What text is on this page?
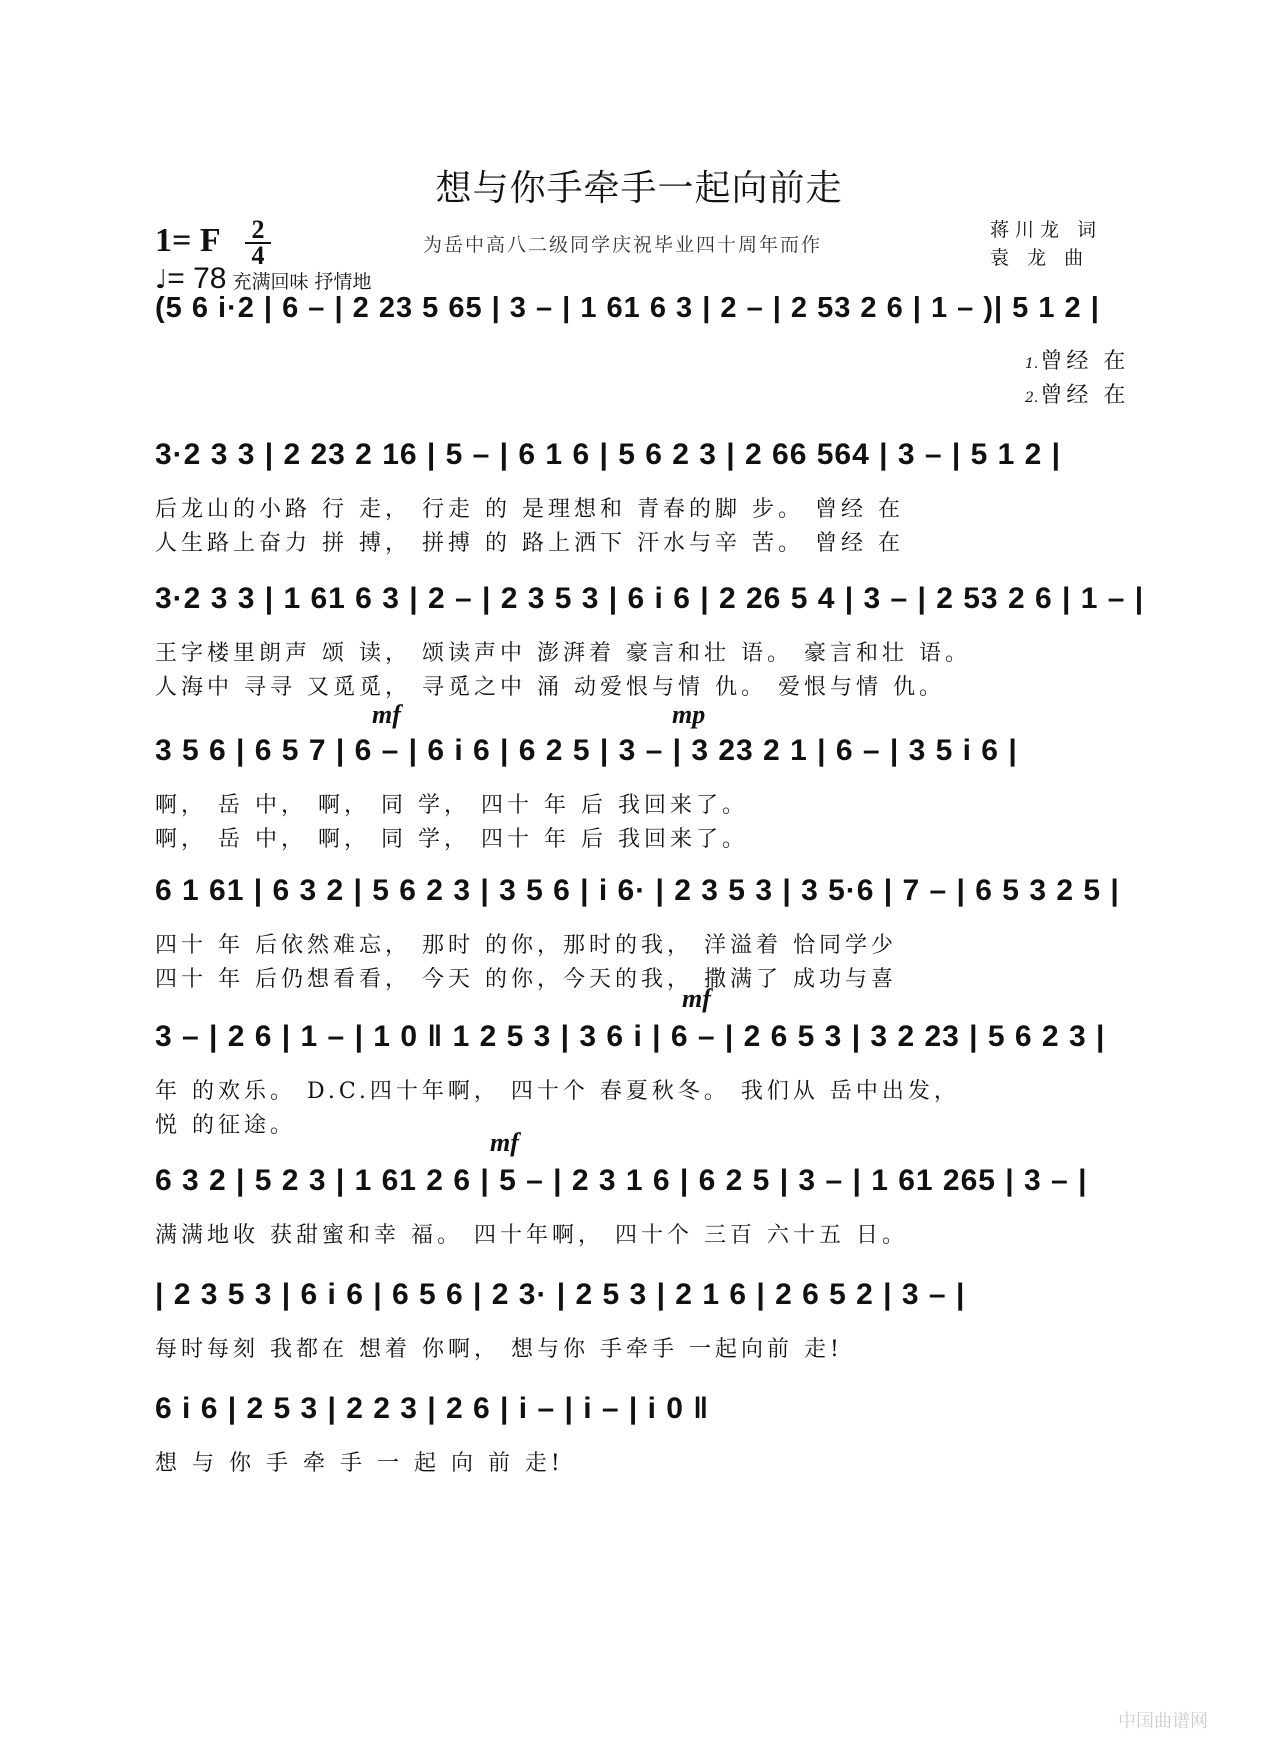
想与你手牵手一起向前走
1= F 2
4
♩= 78 充满回味 抒情地
为岳中高八二级同学庆祝毕业四十周年而作
蒋川龙 词
袁 龙 曲
(5 6 i·2 | 6 – | 2 23 5 65 | 3 – | 1 61 6 3 | 2 – | 2 53 2 6 | 1 – )| 5 1 2 |
1.曾经 在
2.曾经 在
3·2 3 3 | 2 23 2 16 | 5 – | 6 1 6 | 5 6 2 3 | 2 66 564 | 3 – | 5 1 2 |
后龙山的小路 行 走， 行走 的 是理想和 青春的脚 步。 曾经 在
人生路上奋力 拼 搏， 拼搏 的 路上洒下 汗水与辛 苦。 曾经 在
3·2 3 3 | 1 61 6 3 | 2 – | 2 3 5 3 | 6 i 6 | 2 26 5 4 | 3 – | 2 53 2 6 | 1 – |
王字楼里朗声 颂 读， 颂读声中 澎湃着 豪言和壮 语。 豪言和壮 语。
人海中 寻寻 又觅觅， 寻觅之中 涌 动爱恨与情 仇。 爱恨与情 仇。
mf	mp
3 5 6 | 6 5 7 | 6 – | 6 i 6 | 6 2 5 | 3 – | 3 23 2 1 | 6 – | 3 5 i 6 |
啊， 岳 中， 啊， 同 学， 四十 年 后 我回来了。
啊， 岳 中， 啊， 同 学， 四十 年 后 我回来了。
6 1 61 | 6 3 2 | 5 6 2 3 | 3 5 6 | i 6· | 2 3 5 3 | 3 5·6 | 7 – | 6 5 3 2 5 |
四十 年 后依然难忘， 那时 的你，那时的我， 洋溢着 恰同学少
四十 年 后仍想看看， 今天 的你，今天的我， 撒满了 成功与喜
mf
3 – | 2 6 | 1 – | 1 0 ‖ 1 2 5 3 | 3 6 i | 6 – | 2 6 5 3 | 3 2 23 | 5 6 2 3 |
年 的欢乐。 D.C.四十年啊， 四十个 春夏秋冬。 我们从 岳中出发，
悦 的征途。
mf
6 3 2 | 5 2 3 | 1 61 2 6 | 5 – | 2 3 1 6 | 6 2 5 | 3 – | 1 61 265 | 3 – |
满满地收 获甜蜜和幸 福。 四十年啊， 四十个 三百 六十五 日。
| 2 3 5 3 | 6 i 6 | 6 5 6 | 2 3· | 2 5 3 | 2 1 6 | 2 6 5 2 | 3 – |
每时每刻 我都在 想着 你啊， 想与你 手牵手 一起向前 走!
6 i 6 | 2 5 3 | 2 2 3 | 2 6 | i – | i – | i 0 ‖
想 与 你 手 牵 手 一 起 向 前 走!
中国曲谱网
